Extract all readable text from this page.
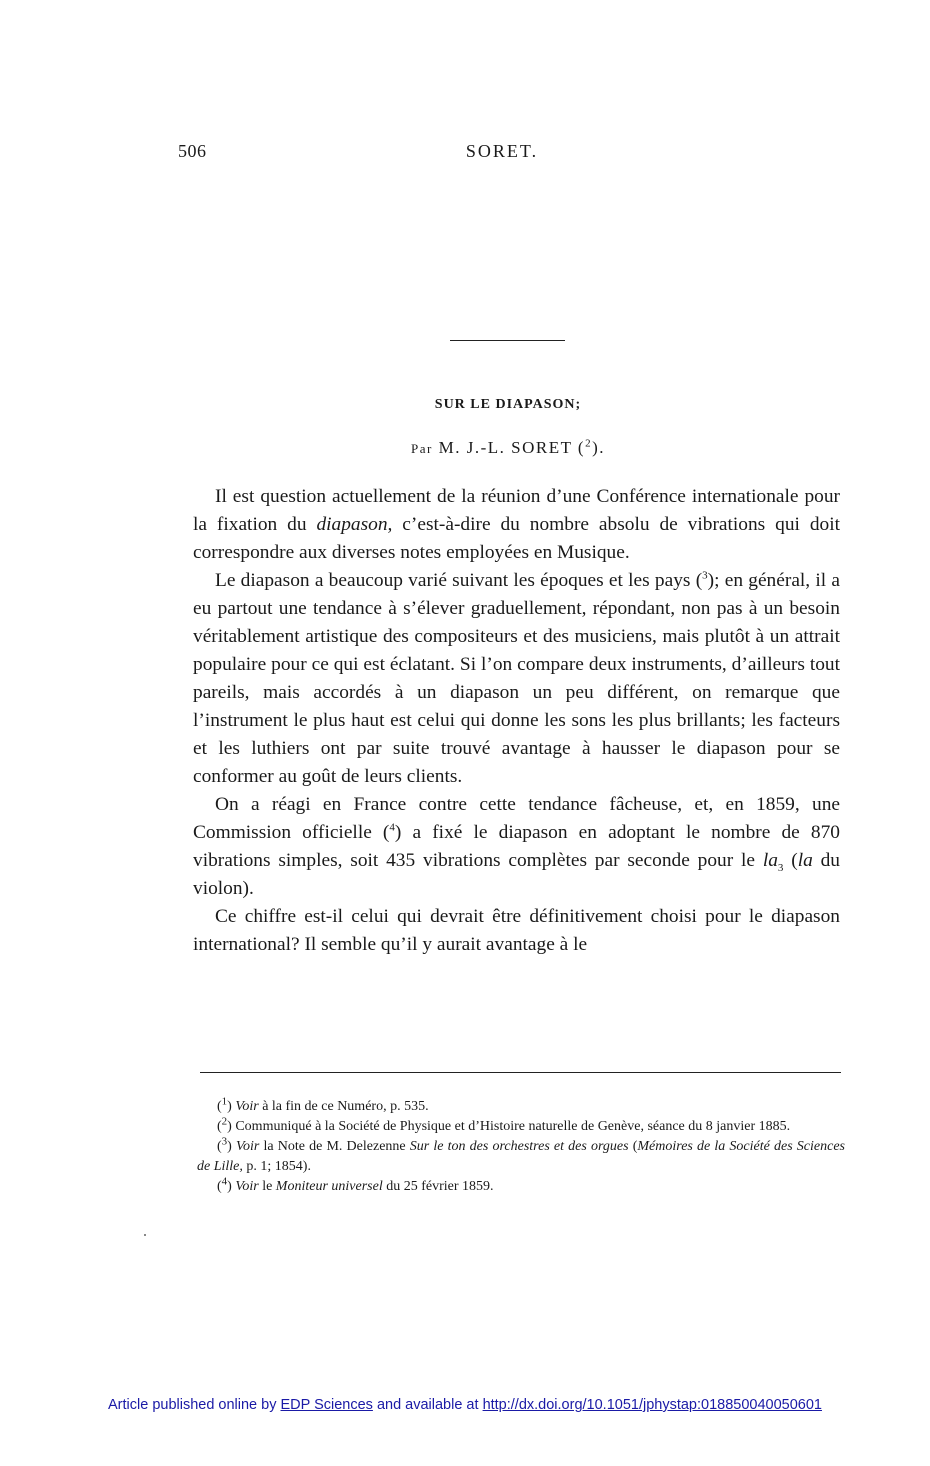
506	SORET.
SUR LE DIAPASON;
Par M. J.-L. SORET ($^2$).

Il est question actuellement de la réunion d’une Conférence internationale pour la fixation du diapason, c’est-à-dire du nombre absolu de vibrations qui doit correspondre aux diverses notes employées en Musique.

Le diapason a beaucoup varié suivant les époques et les pays ($^3$); en général, il a eu partout une tendance à s’élever graduellement, répondant, non pas à un besoin véritablement artistique des compositeurs et des musiciens, mais plutôt à un attrait populaire pour ce qui est éclatant. Si l’on compare deux instruments, d’ailleurs tout pareils, mais accordés à un diapason un peu différent, on remarque que l’instrument le plus haut est celui qui donne les sons les plus brillants; les facteurs et les luthiers ont par suite trouvé avantage à hausser le diapason pour se conformer au goût de leurs clients.

On a réagi en France contre cette tendance fâcheuse, et, en 1859, une Commission officielle ($^4$) a fixé le diapason en adoptant le nombre de 870 vibrations simples, soit 435 vibrations complètes par seconde pour le $la_3$ (la du violon).

Ce chiffre est-il celui qui devrait être définitivement choisi pour le diapason international? Il semble qu’il y aurait avantage à le

($^1$) Voir à la fin de ce Numéro, p. 535.

($^2$) Communiqué à la Société de Physique et d’Histoire naturelle de Genève, séance du 8 janvier 1885.

($^3$) Voir la Note de M. Delezenne Sur le ton des orchestres et des orgues (Mémoires de la Société des Sciences de Lille, p. 1; 1854).

($^4$) Voir le Moniteur universel du 25 février 1859.

Article published online by EDP Sciences and available at http://dx.doi.org/10.1051/jphystap:018850040050601
